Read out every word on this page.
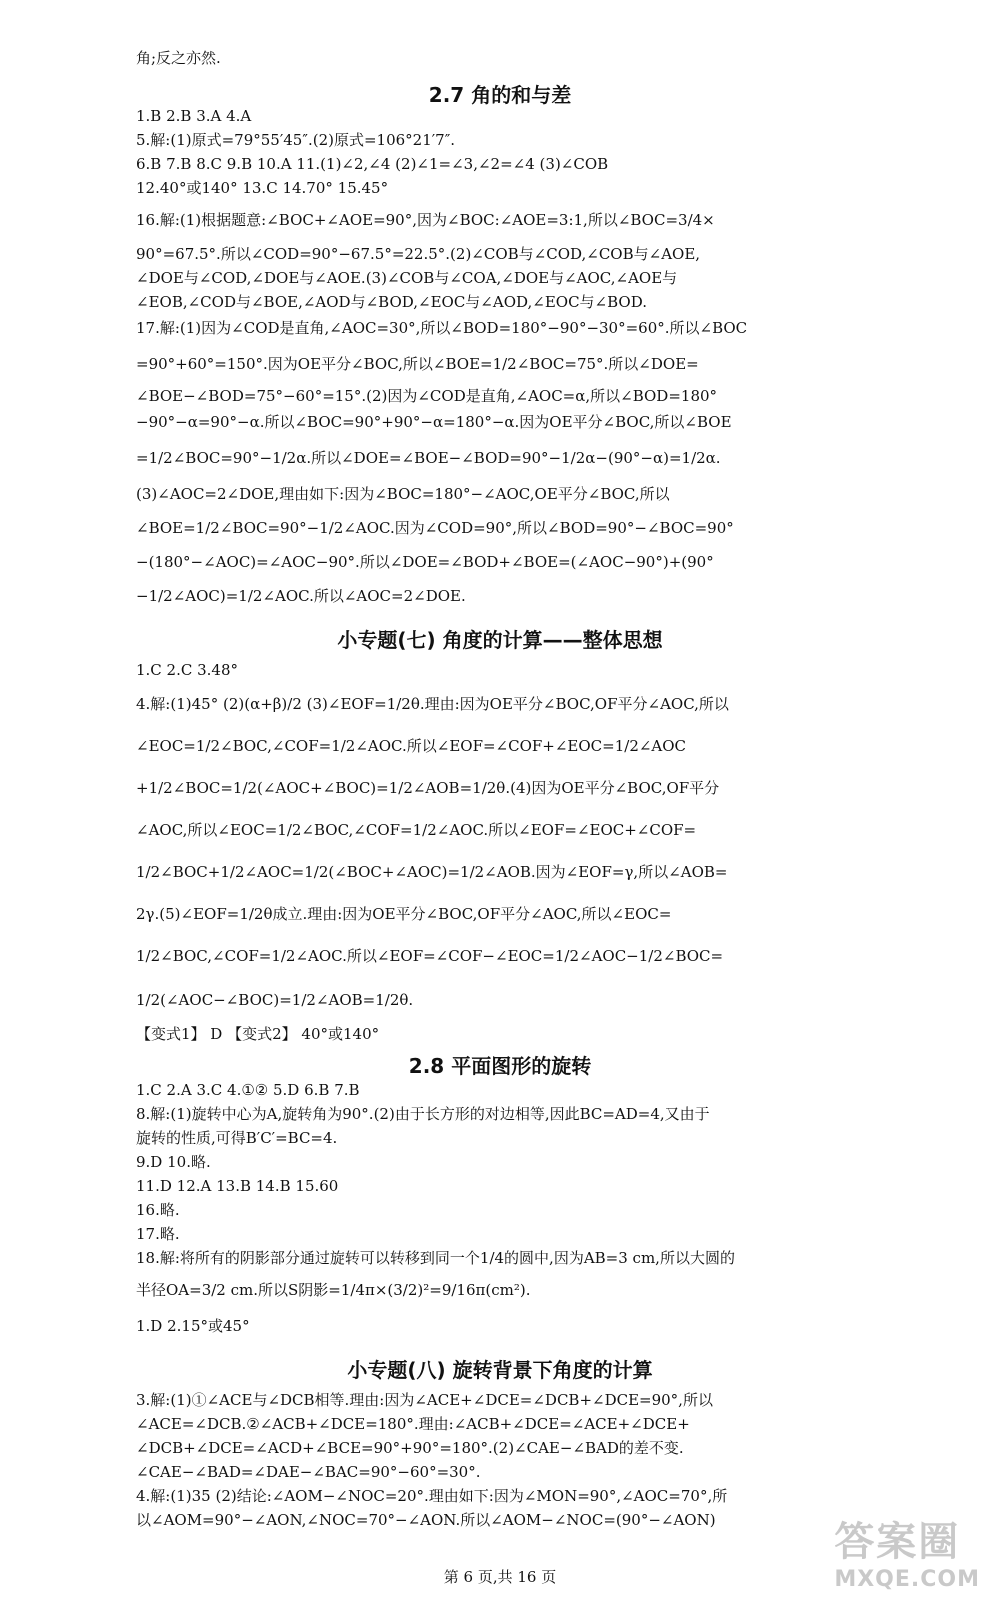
角;反之亦然.
2.7 角的和与差
1.B 2.B 3.A 4.A
5.解:(1)原式=79°55′45″.(2)原式=106°21′7″.
6.B 7.B 8.C 9.B 10.A 11.(1)∠2,∠4 (2)∠1=∠3,∠2=∠4 (3)∠COB
12.40°或140° 13.C 14.70° 15.45°
16.解:(1)根据题意:∠BOC+∠AOE=90°,因为∠BOC:∠AOE=3:1,所以∠BOC=3/4×
90°=67.5°.所以∠COD=90°−67.5°=22.5°.(2)∠COB与∠COD,∠COB与∠AOE,
∠DOE与∠COD,∠DOE与∠AOE.(3)∠COB与∠COA,∠DOE与∠AOC,∠AOE与
∠EOB,∠COD与∠BOE,∠AOD与∠BOD,∠EOC与∠AOD,∠EOC与∠BOD.
17.解:(1)因为∠COD是直角,∠AOC=30°,所以∠BOD=180°−90°−30°=60°.所以∠BOC
=90°+60°=150°.因为OE平分∠BOC,所以∠BOE=1/2∠BOC=75°.所以∠DOE=
∠BOE−∠BOD=75°−60°=15°.(2)因为∠COD是直角,∠AOC=α,所以∠BOD=180°
−90°−α=90°−α.所以∠BOC=90°+90°−α=180°−α.因为OE平分∠BOC,所以∠BOE
=1/2∠BOC=90°−1/2α.所以∠DOE=∠BOE−∠BOD=90°−1/2α−(90°−α)=1/2α.
(3)∠AOC=2∠DOE,理由如下:因为∠BOC=180°−∠AOC,OE平分∠BOC,所以
∠BOE=1/2∠BOC=90°−1/2∠AOC.因为∠COD=90°,所以∠BOD=90°−∠BOC=90°
−(180°−∠AOC)=∠AOC−90°.所以∠DOE=∠BOD+∠BOE=(∠AOC−90°)+(90°
−1/2∠AOC)=1/2∠AOC.所以∠AOC=2∠DOE.
小专题(七) 角度的计算——整体思想
1.C 2.C 3.48°
4.解:(1)45° (2)(α+β)/2 (3)∠EOF=1/2θ.理由:因为OE平分∠BOC,OF平分∠AOC,所以
∠EOC=1/2∠BOC,∠COF=1/2∠AOC.所以∠EOF=∠COF+∠EOC=1/2∠AOC
+1/2∠BOC=1/2(∠AOC+∠BOC)=1/2∠AOB=1/2θ.(4)因为OE平分∠BOC,OF平分
∠AOC,所以∠EOC=1/2∠BOC,∠COF=1/2∠AOC.所以∠EOF=∠EOC+∠COF=
1/2∠BOC+1/2∠AOC=1/2(∠BOC+∠AOC)=1/2∠AOB.因为∠EOF=γ,所以∠AOB=
2γ.(5)∠EOF=1/2θ成立.理由:因为OE平分∠BOC,OF平分∠AOC,所以∠EOC=
1/2∠BOC,∠COF=1/2∠AOC.所以∠EOF=∠COF−∠EOC=1/2∠AOC−1/2∠BOC=
1/2(∠AOC−∠BOC)=1/2∠AOB=1/2θ.
【变式1】 D 【变式2】 40°或140°
2.8 平面图形的旋转
1.C 2.A 3.C 4.①② 5.D 6.B 7.B
8.解:(1)旋转中心为A,旋转角为90°.(2)由于长方形的对边相等,因此BC=AD=4,又由于
旋转的性质,可得B′C′=BC=4.
9.D 10.略.
11.D 12.A 13.B 14.B 15.60
16.略.
17.略.
18.解:将所有的阴影部分通过旋转可以转移到同一个1/4的圆中,因为AB=3 cm,所以大圆的
半径OA=3/2 cm.所以S阴影=1/4π×(3/2)²=9/16π(cm²).
1.D 2.15°或45°
小专题(八) 旋转背景下角度的计算
3.解:(1)①∠ACE与∠DCB相等.理由:因为∠ACE+∠DCE=∠DCB+∠DCE=90°,所以
∠ACE=∠DCB.②∠ACB+∠DCE=180°.理由:∠ACB+∠DCE=∠ACE+∠DCE+
∠DCB+∠DCE=∠ACD+∠BCE=90°+90°=180°.(2)∠CAE−∠BAD的差不变.
∠CAE−∠BAD=∠DAE−∠BAC=90°−60°=30°.
4.解:(1)35 (2)结论:∠AOM−∠NOC=20°.理由如下:因为∠MON=90°,∠AOC=70°,所
以∠AOM=90°−∠AON,∠NOC=70°−∠AON.所以∠AOM−∠NOC=(90°−∠AON)
第 6 页,共 16 页
答案圈
MXQE.COM
